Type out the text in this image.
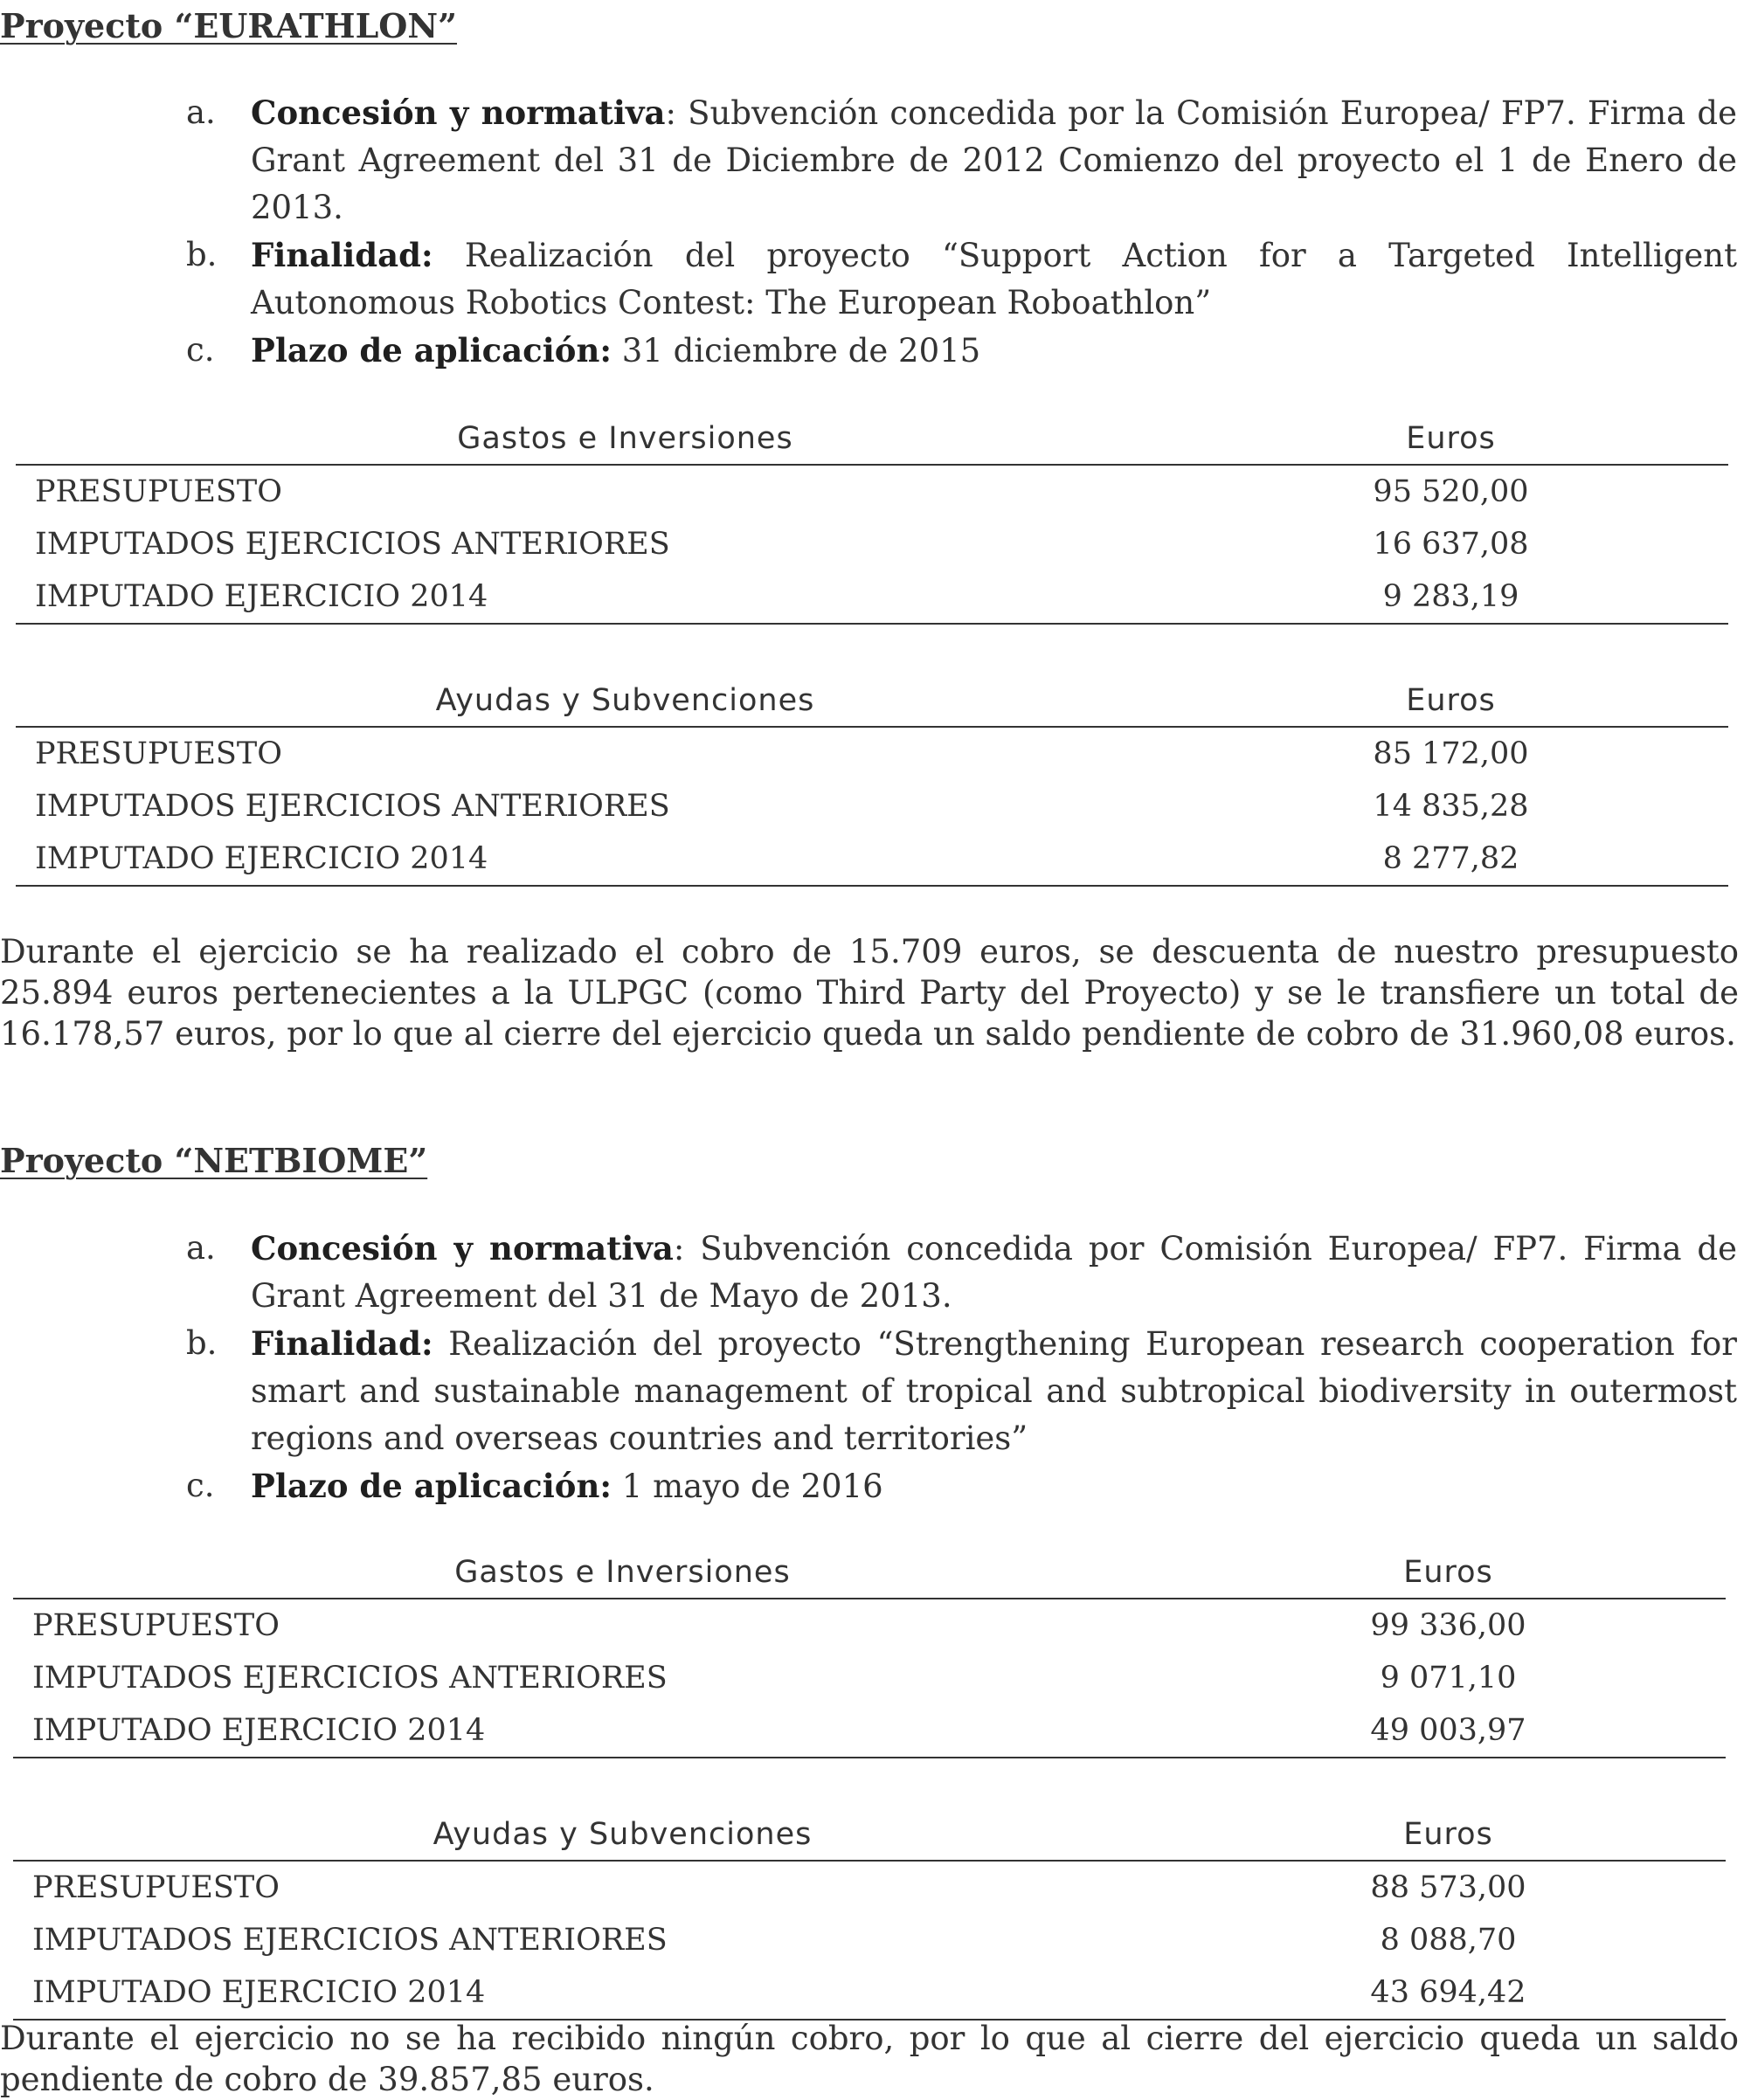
Proyecto “EURATHLON”
a. Concesión y normativa: Subvención concedida por la Comisión Europea/ FP7. Firma de Grant Agreement del 31 de Diciembre de 2012 Comienzo del proyecto el 1 de Enero de 2013.
b. Finalidad: Realización del proyecto “Support Action for a Targeted Intelligent Autonomous Robotics Contest: The European Roboathlon”
c. Plazo de aplicación: 31 diciembre de 2015
Gastos e Inversiones	Euros
PRESUPUESTO	95 520,00
IMPUTADOS EJERCICIOS ANTERIORES	16 637,08
IMPUTADO EJERCICIO 2014	9 283,19
Ayudas y Subvenciones	Euros
PRESUPUESTO	85 172,00
IMPUTADOS EJERCICIOS ANTERIORES	14 835,28
IMPUTADO EJERCICIO 2014	8 277,82

Durante el ejercicio se ha realizado el cobro de 15.709 euros, se descuenta de nuestro presupuesto 25.894 euros pertenecientes a la ULPGC (como Third Party del Proyecto) y se le transfiere un total de 16.178,57 euros, por lo que al cierre del ejercicio queda un saldo pendiente de cobro de 31.960,08 euros.

Proyecto “NETBIOME”
a. Concesión y normativa: Subvención concedida por Comisión Europea/ FP7. Firma de Grant Agreement del 31 de Mayo de 2013.
b. Finalidad: Realización del proyecto “Strengthening European research cooperation for smart and sustainable management of tropical and subtropical biodiversity in outermost regions and overseas countries and territories”
c. Plazo de aplicación: 1 mayo de 2016
Gastos e Inversiones	Euros
PRESUPUESTO	99 336,00
IMPUTADOS EJERCICIOS ANTERIORES	9 071,10
IMPUTADO EJERCICIO 2014	49 003,97
Ayudas y Subvenciones	Euros
PRESUPUESTO	88 573,00
IMPUTADOS EJERCICIOS ANTERIORES	8 088,70
IMPUTADO EJERCICIO 2014	43 694,42

Durante el ejercicio no se ha recibido ningún cobro, por lo que al cierre del ejercicio queda un saldo pendiente de cobro de 39.857,85 euros.
